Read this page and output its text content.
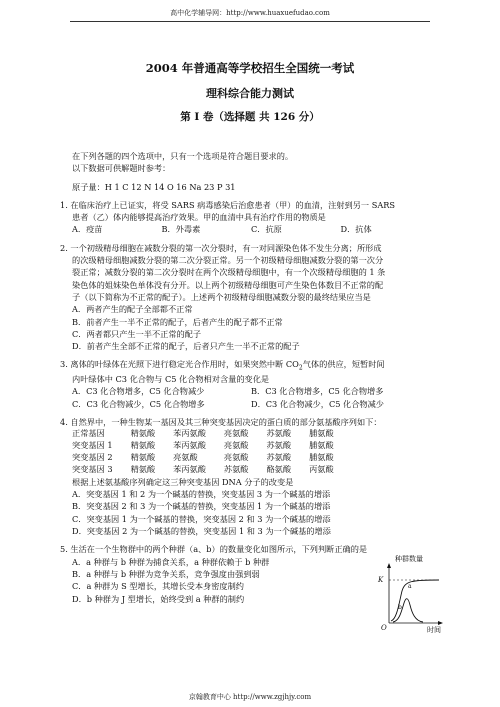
高中化学辅导网：http://www.huaxuefudao.com
2004 年普通高等学校招生全国统一考试
理科综合能力测试
第 I 卷（选择题 共 126 分）

在下列各题的四个选项中，只有一个选项是符合题目要求的。

以下数据可供解题时参考：

原子量：H 1 C 12 N 14 O 16 Na 23 P 31

1. 在临床治疗上已证实，将受 SARS 病毒感染后治愈患者（甲）的血清，注射到另一 SARS

患者（乙）体内能够提高治疗效果。甲的血清中具有治疗作用的物质是

A．疫苗	B．外毒素	C．抗原	D．抗体

2. 一个初级精母细胞在减数分裂的第一次分裂时，有一对同源染色体不发生分离；所形成

的次级精母细胞减数分裂的第二次分裂正常。另一个初级精母细胞减数分裂的第一次分

裂正常；减数分裂的第二次分裂时在两个次级精母细胞中，有一个次级精母细胞的 1 条

染色体的姐妹染色单体没有分开。以上两个初级精母细胞可产生染色体数目不正常的配

子（以下简称为不正常的配子）。上述两个初级精母细胞减数分裂的最终结果应当是

A．两者产生的配子全部都不正常

B．前者产生一半不正常的配子，后者产生的配子都不正常

C．两者都只产生一半不正常的配子

D．前者产生全部不正常的配子，后者只产生一半不正常的配子

3. 离体的叶绿体在光照下进行稳定光合作用时，如果突然中断 $CO_2$气体的供应，短暂时间

内叶绿体中 C3 化合物与 C5 化合物相对含量的变化是

A．C3 化合物增多，C5 化合物减少	B．C3 化合物增多，C5 化合物增多
C．C3 化合物减少，C5 化合物增多	D．C3 化合物减少，C5 化合物减少

4. 自然界中，一种生物某一基因及其三种突变基因决定的蛋白质的部分氨基酸序列如下：

正常基因	精氨酸	苯丙氨酸	亮氨酸	苏氨酸	脯氨酸
突变基因 1	精氨酸	苯丙氨酸	亮氨酸	苏氨酸	脯氨酸
突变基因 2	精氨酸	亮氨酸	亮氨酸	苏氨酸	脯氨酸
突变基因 3	精氨酸	苯丙氨酸	苏氨酸	酪氨酸	丙氨酸

根据上述氨基酸序列确定这三种突变基因 DNA 分子的改变是

A．突变基因 1 和 2 为一个碱基的替换，突变基因 3 为一个碱基的增添

B．突变基因 2 和 3 为一个碱基的替换，突变基因 1 为一个碱基的增添

C．突变基因 1 为一个碱基的替换，突变基因 2 和 3 为一个碱基的增添

D．突变基因 2 为一个碱基的替换，突变基因 1 和 3 为一个碱基的增添

5. 生活在一个生物群中的两个种群（a、b）的数量变化如图所示，下列判断正确的是

A．a 种群与 b 种群为捕食关系，a 种群依赖于 b 种群

B．a 种群与 b 种群为竞争关系，竞争强度由强到弱

C．a 种群为 S 型增长，其增长受本身密度制约

D．b 种群为 J 型增长，始终受到 a 种群的制约

种群数量
K
a
b
O	时间
京翰教育中心 http://www.zgjhjy.com
